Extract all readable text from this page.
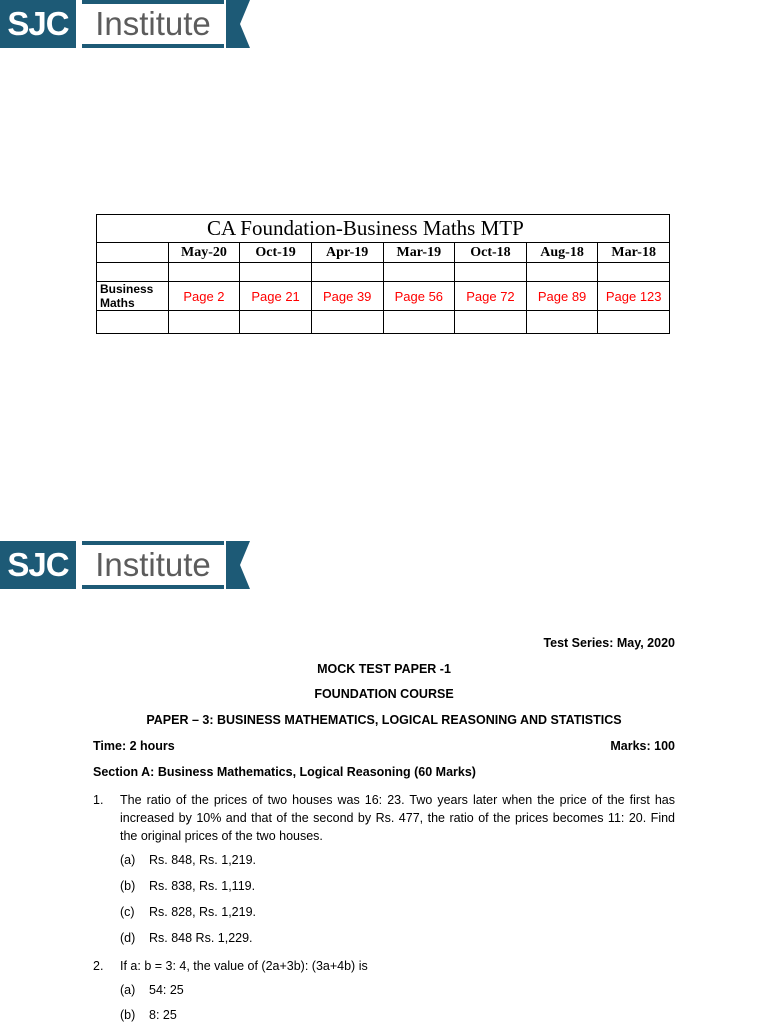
SJC Institute
CA Foundation-Business Maths MTP							
	May-20	Oct-19	Apr-19	Mar-19	Oct-18	Aug-18	Mar-18

Business Maths	Page 2	Page 21	Page 39	Page 56	Page 72	Page 89	Page 123

SJC Institute
Test Series: May, 2020
MOCK TEST PAPER -1
FOUNDATION COURSE
PAPER – 3: BUSINESS MATHEMATICS, LOGICAL REASONING AND STATISTICS
Time: 2 hours	Marks: 100
Section A: Business Mathematics, Logical Reasoning (60 Marks)
1. The ratio of the prices of two houses was 16: 23. Two years later when the price of the first has increased by 10% and that of the second by Rs. 477, the ratio of the prices becomes 11: 20. Find the original prices of the two houses.
(a) Rs. 848, Rs. 1,219.
(b) Rs. 838, Rs. 1,119.
(c) Rs. 828, Rs. 1,219.
(d) Rs. 848 Rs. 1,229.
2. If a: b = 3: 4, the value of (2a+3b): (3a+4b) is
(a) 54: 25
(b) 8: 25
